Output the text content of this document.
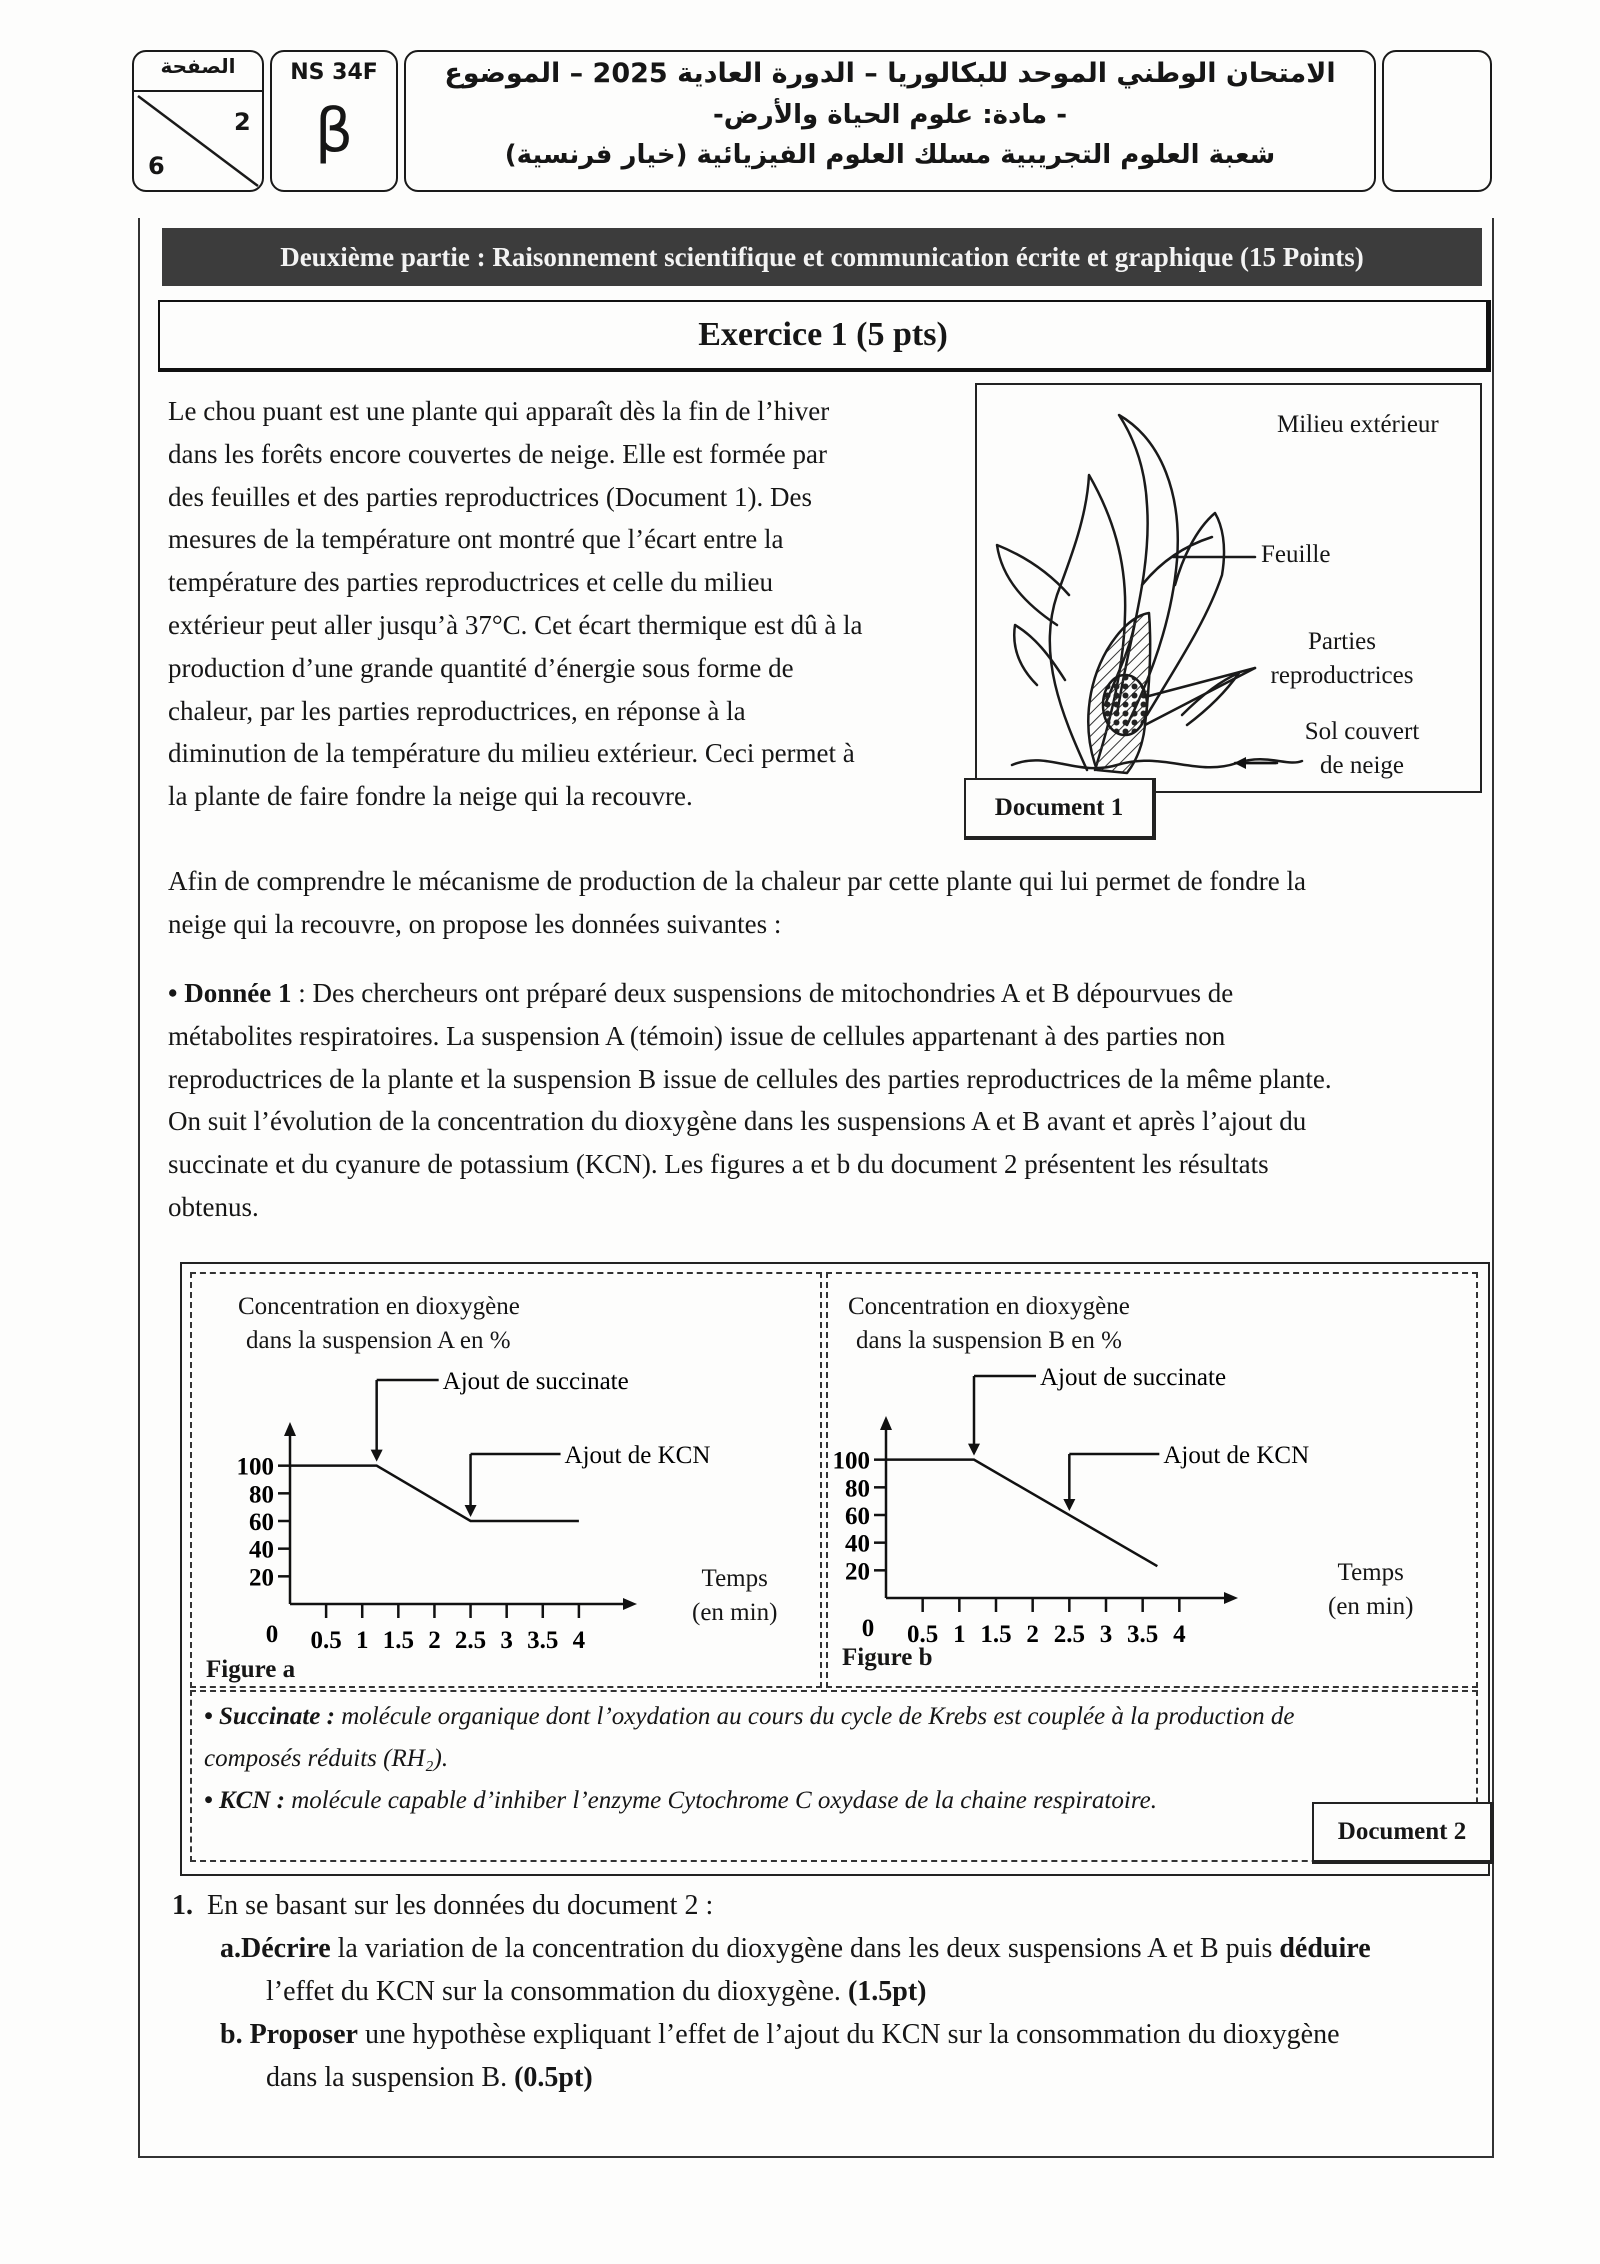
الصفحة
2
6
NS 34F
β
الامتحان الوطني الموحد للبكالوريا – الدورة العادية 2025 – الموضوع
- مادة: علوم الحياة والأرض-
شعبة العلوم التجريبية مسلك العلوم الفيزيائية (خيار فرنسية)
Deuxième partie : Raisonnement scientifique et communication écrite et graphique (15 Points)
Exercice 1 (5 pts)

Le chou puant est une plante qui apparaît dès la fin de l’hiver

dans les forêts encore couvertes de neige. Elle est formée par

des feuilles et des parties reproductrices (Document 1). Des

mesures de la température ont montré que l’écart entre la

température des parties reproductrices et celle du milieu

extérieur peut aller jusqu’à 37°C. Cet écart thermique est dû à la

production d’une grande quantité d’énergie sous forme de

chaleur, par les parties reproductrices, en réponse à la

diminution de la température du milieu extérieur. Ceci permet à

la plante de faire fondre la neige qui la recouvre.

Milieu extérieur
Feuille
Parties
reproductrices
Sol couvert
de neige
Document 1

Afin de comprendre le mécanisme de production de la chaleur par cette plante qui lui permet de fondre la

neige qui la recouvre, on propose les données suivantes :

• Donnée 1 : Des chercheurs ont préparé deux suspensions de mitochondries A et B dépourvues de

métabolites respiratoires. La suspension A (témoin) issue de cellules appartenant à des parties non

reproductrices de la plante et la suspension B issue de cellules des parties reproductrices de la même plante.

On suit l’évolution de la concentration du dioxygène dans les suspensions A et B avant et après l’ajout du

succinate et du cyanure de potassium (KCN). Les figures a et b du document 2 présentent les résultats

obtenus.

Concentration en dioxygène
dans la suspension A en %
0 0.5 1 1.5 2 2.5 3 3.5 4
20
40
60
80
100
Ajout de succinate
Ajout de KCN
Temps
(en min)
Figure a
Concentration en dioxygène
dans la suspension B en %
0 0.5 1 1.5 2 2.5 3 3.5 4
20
40
60
80
100
Ajout de succinate
Ajout de KCN
Temps
(en min)
Figure b
• Succinate : molécule organique dont l’oxydation au cours du cycle de Krebs est couplée à la production de
composés réduits (RH₂).
• KCN : molécule capable d’inhiber l’enzyme Cytochrome C oxydase de la chaine respiratoire.
Document 2
1. En se basant sur les données du document 2 :
a.Décrire la variation de la concentration du dioxygène dans les deux suspensions A et B puis déduire
l’effet du KCN sur la consommation du dioxygène. (1.5pt)
b. Proposer une hypothèse expliquant l’effet de l’ajout du KCN sur la consommation du dioxygène
dans la suspension B. (0.5pt)
